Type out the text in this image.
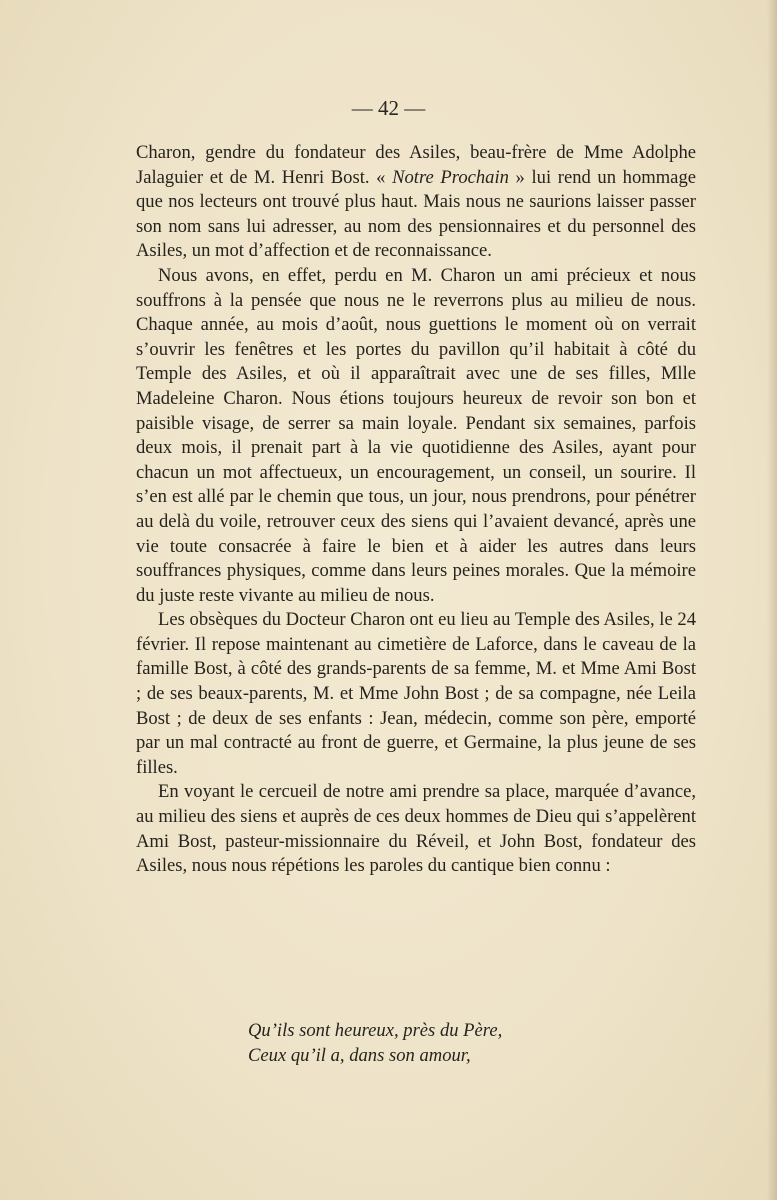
— 42 —

Charon, gendre du fondateur des Asiles, beau-frère de Mme Adolphe Jalaguier et de M. Henri Bost. « Notre Prochain » lui rend un hommage que nos lecteurs ont trouvé plus haut. Mais nous ne saurions laisser passer son nom sans lui adresser, au nom des pensionnaires et du personnel des Asiles, un mot d’affection et de reconnaissance.

Nous avons, en effet, perdu en M. Charon un ami précieux et nous souffrons à la pensée que nous ne le reverrons plus au milieu de nous. Chaque année, au mois d’août, nous guettions le moment où on verrait s’ouvrir les fenêtres et les portes du pavillon qu’il habitait à côté du Temple des Asiles, et où il apparaîtrait avec une de ses filles, Mlle Madeleine Charon. Nous étions toujours heureux de revoir son bon et paisible visage, de serrer sa main loyale. Pendant six semaines, parfois deux mois, il prenait part à la vie quotidienne des Asiles, ayant pour chacun un mot affectueux, un encouragement, un conseil, un sourire. Il s’en est allé par le chemin que tous, un jour, nous prendrons, pour pénétrer au delà du voile, retrouver ceux des siens qui l’avaient devancé, après une vie toute consacrée à faire le bien et à aider les autres dans leurs souffrances physiques, comme dans leurs peines morales. Que la mémoire du juste reste vivante au milieu de nous.

Les obsèques du Docteur Charon ont eu lieu au Temple des Asiles, le 24 février. Il repose maintenant au cimetière de Laforce, dans le caveau de la famille Bost, à côté des grands-parents de sa femme, M. et Mme Ami Bost ; de ses beaux-parents, M. et Mme John Bost ; de sa compagne, née Leila Bost ; de deux de ses enfants : Jean, médecin, comme son père, emporté par un mal contracté au front de guerre, et Germaine, la plus jeune de ses filles.

En voyant le cercueil de notre ami prendre sa place, marquée d’avance, au milieu des siens et auprès de ces deux hommes de Dieu qui s’appelèrent Ami Bost, pasteur-missionnaire du Réveil, et John Bost, fondateur des Asiles, nous nous répétions les paroles du cantique bien connu :

Qu’ils sont heureux, près du Père,
Ceux qu’il a, dans son amour,
